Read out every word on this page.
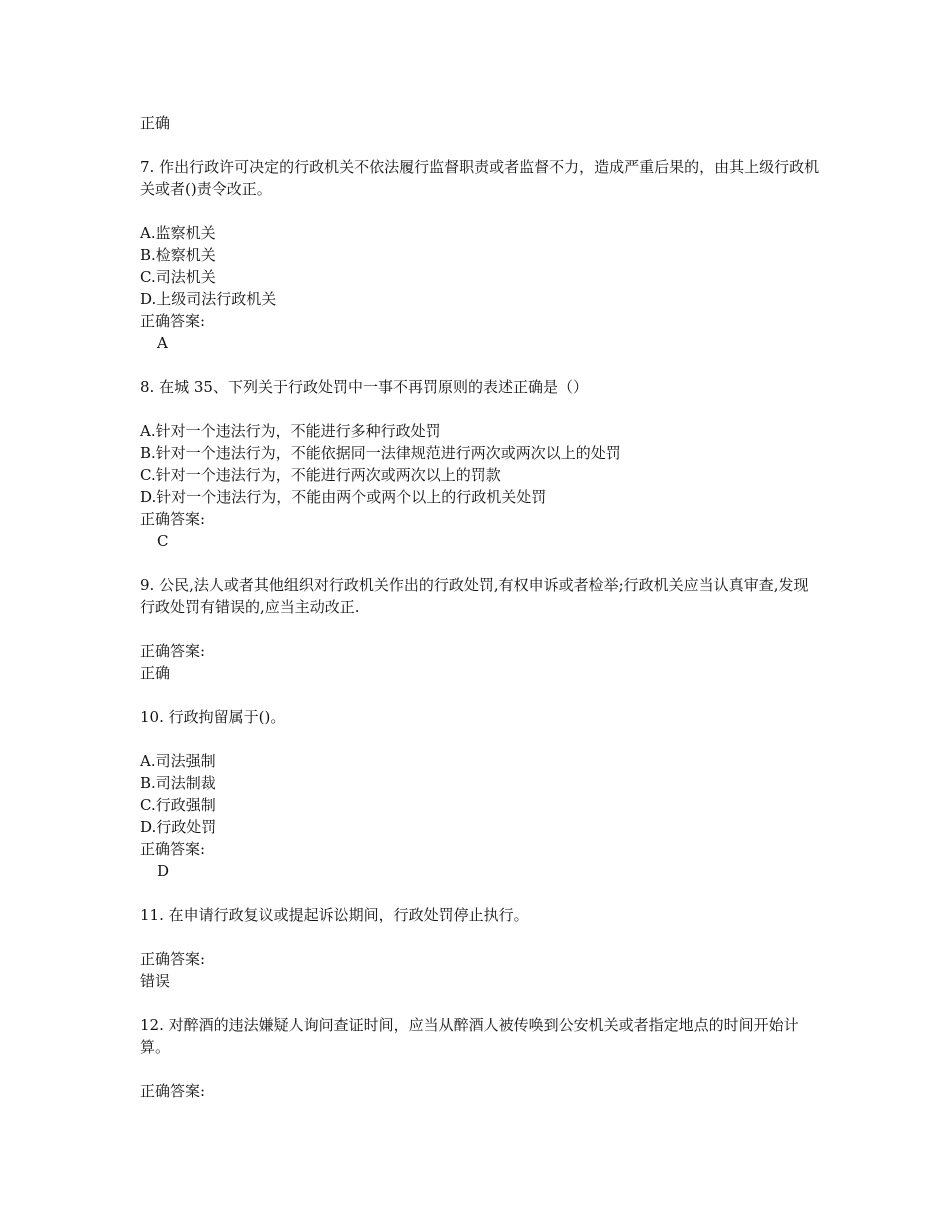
正确
7. 作出行政许可决定的行政机关不依法履行监督职责或者监督不力，造成严重后果的，由其上级行政机关或者()责令改正。
A.监察机关
B.检察机关
C.司法机关
D.上级司法行政机关
正确答案:
A
8. 在城 35、下列关于行政处罚中一事不再罚原则的表述正确是（）
A.针对一个违法行为，不能进行多种行政处罚
B.针对一个违法行为，不能依据同一法律规范进行两次或两次以上的处罚
C.针对一个违法行为，不能进行两次或两次以上的罚款
D.针对一个违法行为，不能由两个或两个以上的行政机关处罚
正确答案:
C
9. 公民,法人或者其他组织对行政机关作出的行政处罚,有权申诉或者检举;行政机关应当认真审查,发现行政处罚有错误的,应当主动改正.
正确答案:
正确
10. 行政拘留属于()。
A.司法强制
B.司法制裁
C.行政强制
D.行政处罚
正确答案:
D
11. 在申请行政复议或提起诉讼期间，行政处罚停止执行。
正确答案:
错误
12. 对醉酒的违法嫌疑人询问查证时间，应当从醉酒人被传唤到公安机关或者指定地点的时间开始计算。
正确答案:
